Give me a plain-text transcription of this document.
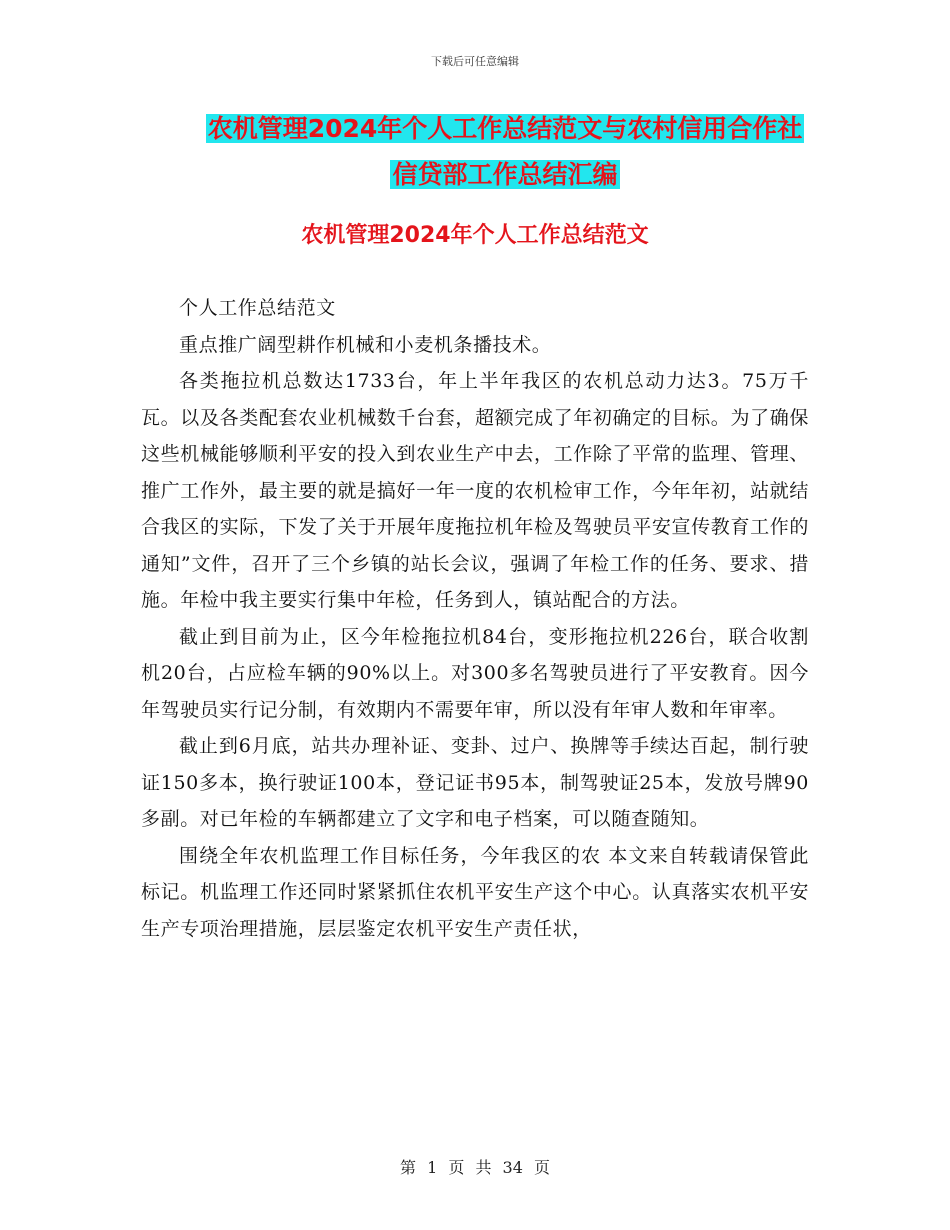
下载后可任意编辑
农机管理2024年个人工作总结范文与农村信用合作社
信贷部工作总结汇编
农机管理2024年个人工作总结范文

个人工作总结范文

重点推广阔型耕作机械和小麦机条播技术。

各类拖拉机总数达1733台，年上半年我区的农机总动力达3。75万千瓦。以及各类配套农业机械数千台套，超额完成了年初确定的目标。为了确保这些机械能够顺利平安的投入到农业生产中去，工作除了平常的监理、管理、推广工作外，最主要的就是搞好一年一度的农机检审工作，今年年初，站就结合我区的实际，下发了关于开展年度拖拉机年检及驾驶员平安宣传教育工作的通知”文件，召开了三个乡镇的站长会议，强调了年检工作的任务、要求、措施。年检中我主要实行集中年检，任务到人，镇站配合的方法。

截止到目前为止，区今年检拖拉机84台，变形拖拉机226台，联合收割机20台，占应检车辆的90%以上。对300多名驾驶员进行了平安教育。因今年驾驶员实行记分制，有效期内不需要年审，所以没有年审人数和年审率。

截止到6月底，站共办理补证、变卦、过户、换牌等手续达百起，制行驶证150多本，换行驶证100本，登记证书95本，制驾驶证25本，发放号牌90多副。对已年检的车辆都建立了文字和电子档案，可以随查随知。

围绕全年农机监理工作目标任务，今年我区的农 本文来自转载请保管此标记。机监理工作还同时紧紧抓住农机平安生产这个中心。认真落实农机平安生产专项治理措施，层层鉴定农机平安生产责任状，

第 1 页 共 34 页
